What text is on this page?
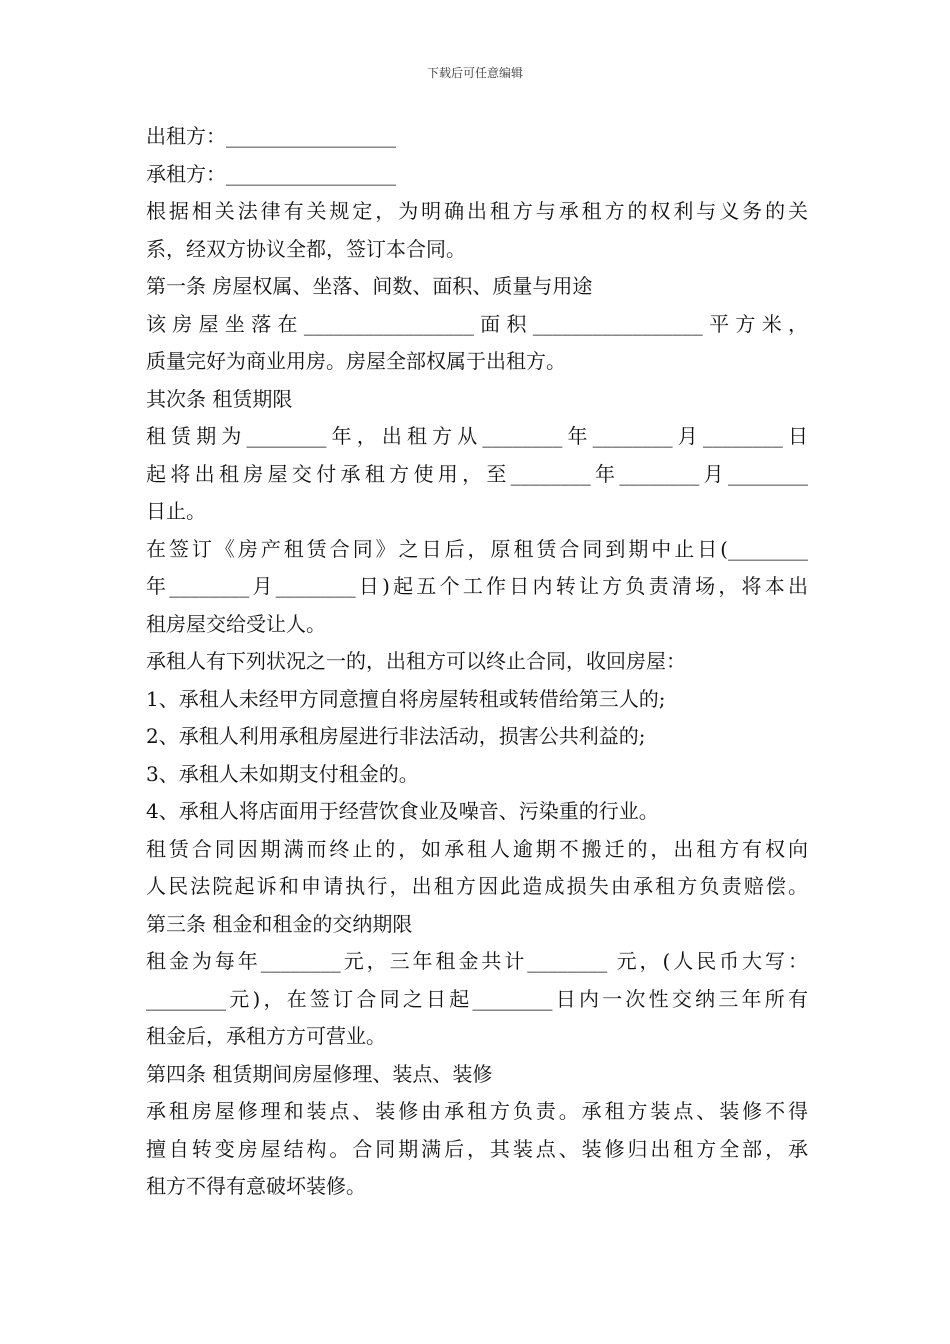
下载后可任意编辑
出租方：_________________
承租方：_________________
根据相关法律有关规定，为明确出租方与承租方的权利与义务的关
系，经双方协议全都，签订本合同。
第一条 房屋权属、坐落、间数、面积、质量与用途
该房屋坐落在_________________面积_________________平方米，
质量完好为商业用房。房屋全部权属于出租方。
其次条 租赁期限
租赁期为________年，出租方从________年________月________日
起将出租房屋交付承租方使用，至________年________月________
日止。
在签订《房产租赁合同》之日后，原租赁合同到期中止日(________
年________月________日)起五个工作日内转让方负责清场，将本出
租房屋交给受让人。
承租人有下列状况之一的，出租方可以终止合同，收回房屋：
1、承租人未经甲方同意擅自将房屋转租或转借给第三人的;
2、承租人利用承租房屋进行非法活动，损害公共利益的;
3、承租人未如期支付租金的。
4、承租人将店面用于经营饮食业及噪音、污染重的行业。
租赁合同因期满而终止的，如承租人逾期不搬迁的，出租方有权向
人民法院起诉和申请执行，出租方因此造成损失由承租方负责赔偿。
第三条 租金和租金的交纳期限
租金为每年________元，三年租金共计________ 元，(人民币大写：
________元)，在签订合同之日起________日内一次性交纳三年所有
租金后，承租方方可营业。
第四条 租赁期间房屋修理、装点、装修
承租房屋修理和装点、装修由承租方负责。承租方装点、装修不得
擅自转变房屋结构。合同期满后，其装点、装修归出租方全部，承
租方不得有意破坏装修。
